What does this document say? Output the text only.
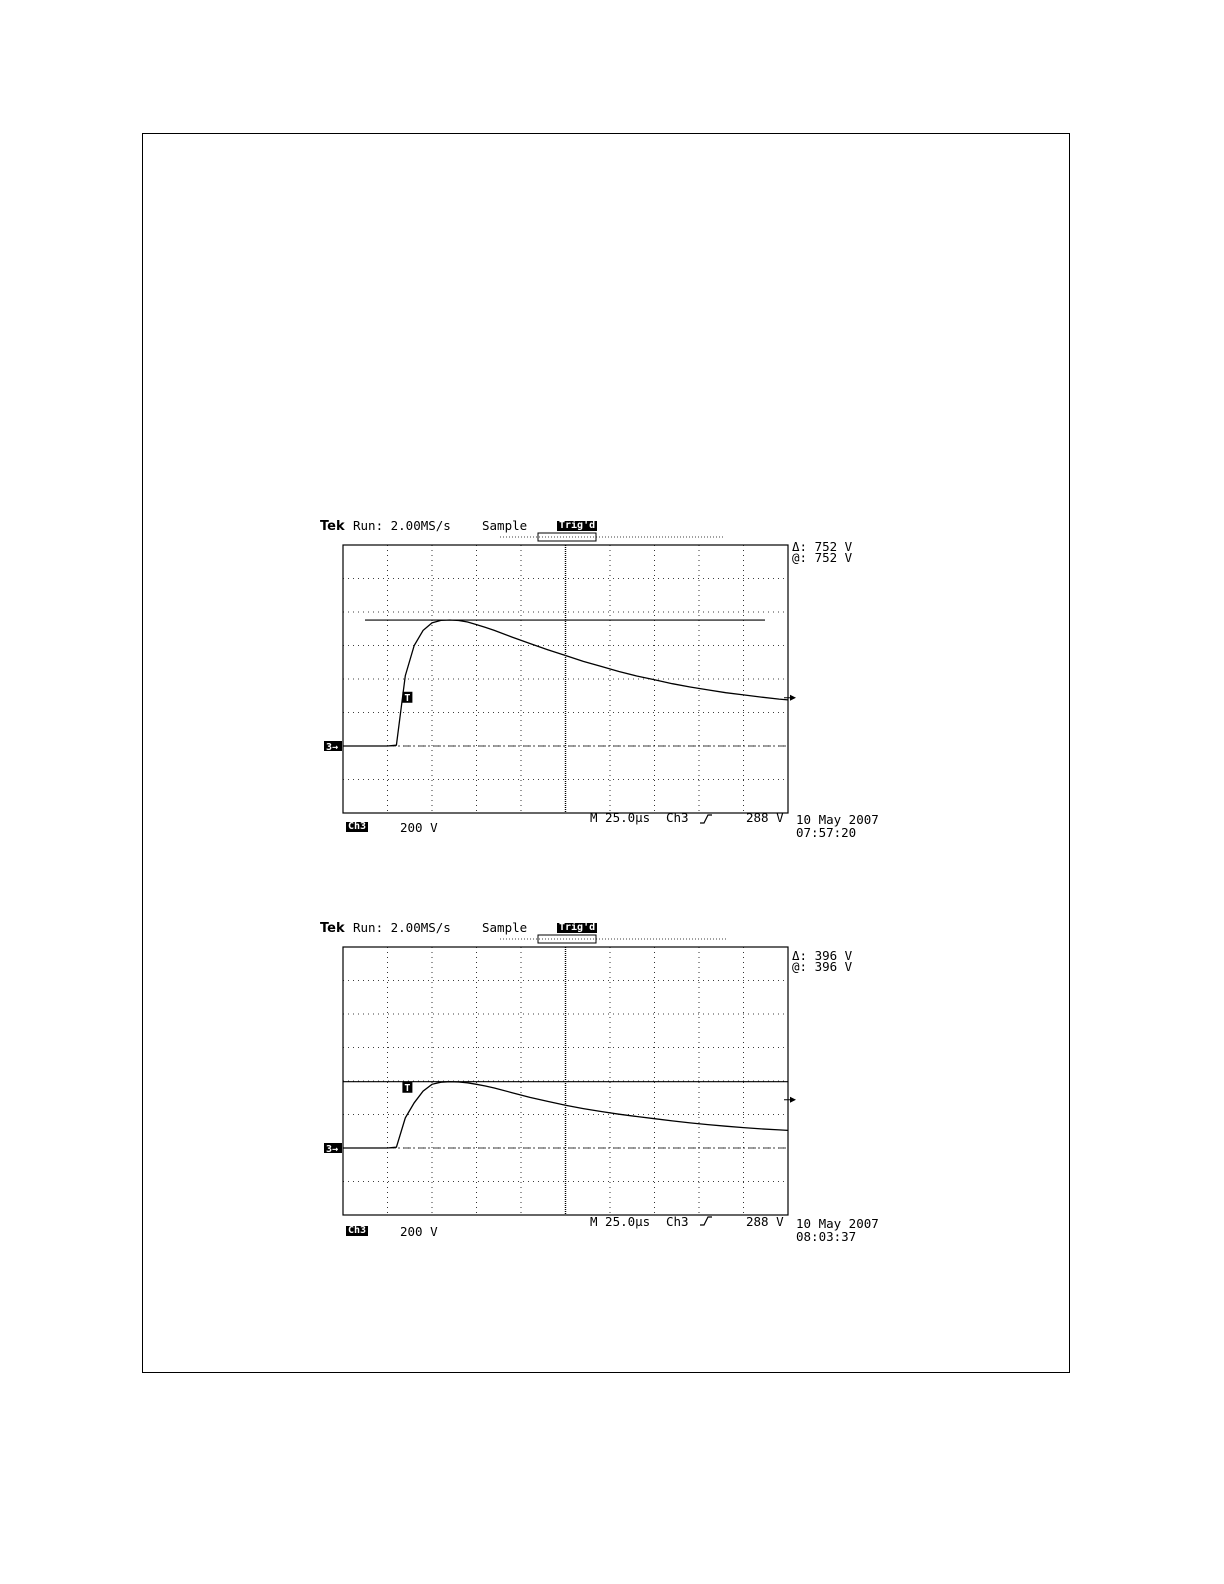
Tek Run: 2.00MS/s Sample	Trig'd
Δ: 752 V
@: 752 V
Ch3	200 V
M 25.0µs Ch3	288 V 10 May 2007
07:57:20
3→
T
Tek Run: 2.00MS/s Sample	Trig'd
Δ: 396 V
@: 396 V
Ch3	200 V
M 25.0µs Ch3	288 V 10 May 2007
08:03:37
3→
T
